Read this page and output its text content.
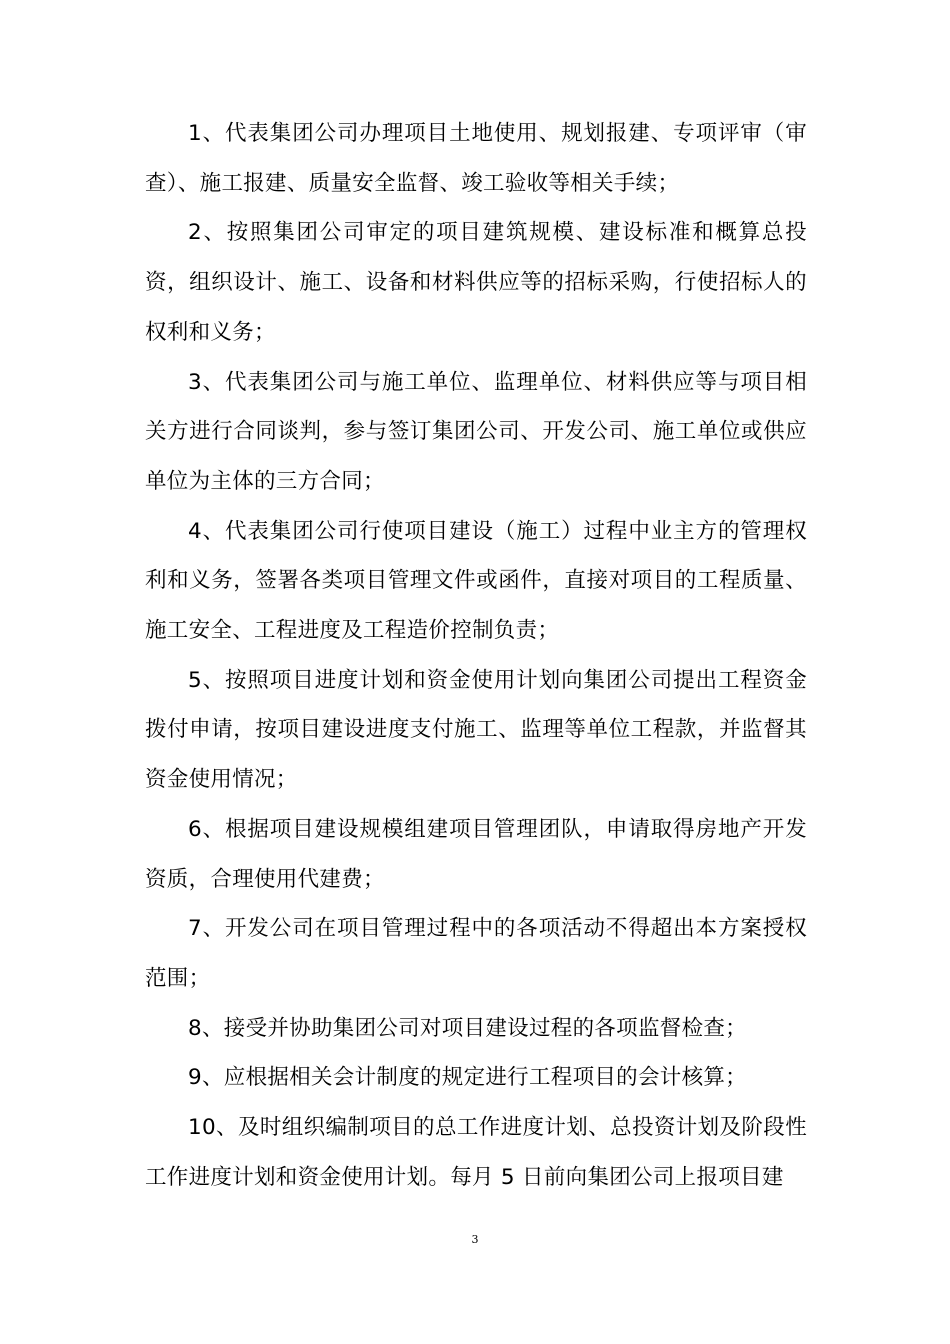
1、代表集团公司办理项目土地使用、规划报建、专项评审（审查）、施工报建、质量安全监督、竣工验收等相关手续；

2、按照集团公司审定的项目建筑规模、建设标准和概算总投资，组织设计、施工、设备和材料供应等的招标采购，行使招标人的权利和义务；

3、代表集团公司与施工单位、监理单位、材料供应等与项目相关方进行合同谈判，参与签订集团公司、开发公司、施工单位或供应单位为主体的三方合同；

4、代表集团公司行使项目建设（施工）过程中业主方的管理权利和义务，签署各类项目管理文件或函件，直接对项目的工程质量、施工安全、工程进度及工程造价控制负责；

5、按照项目进度计划和资金使用计划向集团公司提出工程资金拨付申请，按项目建设进度支付施工、监理等单位工程款，并监督其资金使用情况；

6、根据项目建设规模组建项目管理团队，申请取得房地产开发资质，合理使用代建费；

7、开发公司在项目管理过程中的各项活动不得超出本方案授权范围；

8、接受并协助集团公司对项目建设过程的各项监督检查；

9、应根据相关会计制度的规定进行工程项目的会计核算；

10、及时组织编制项目的总工作进度计划、总投资计划及阶段性工作进度计划和资金使用计划。每月 5 日前向集团公司上报项目建

3
